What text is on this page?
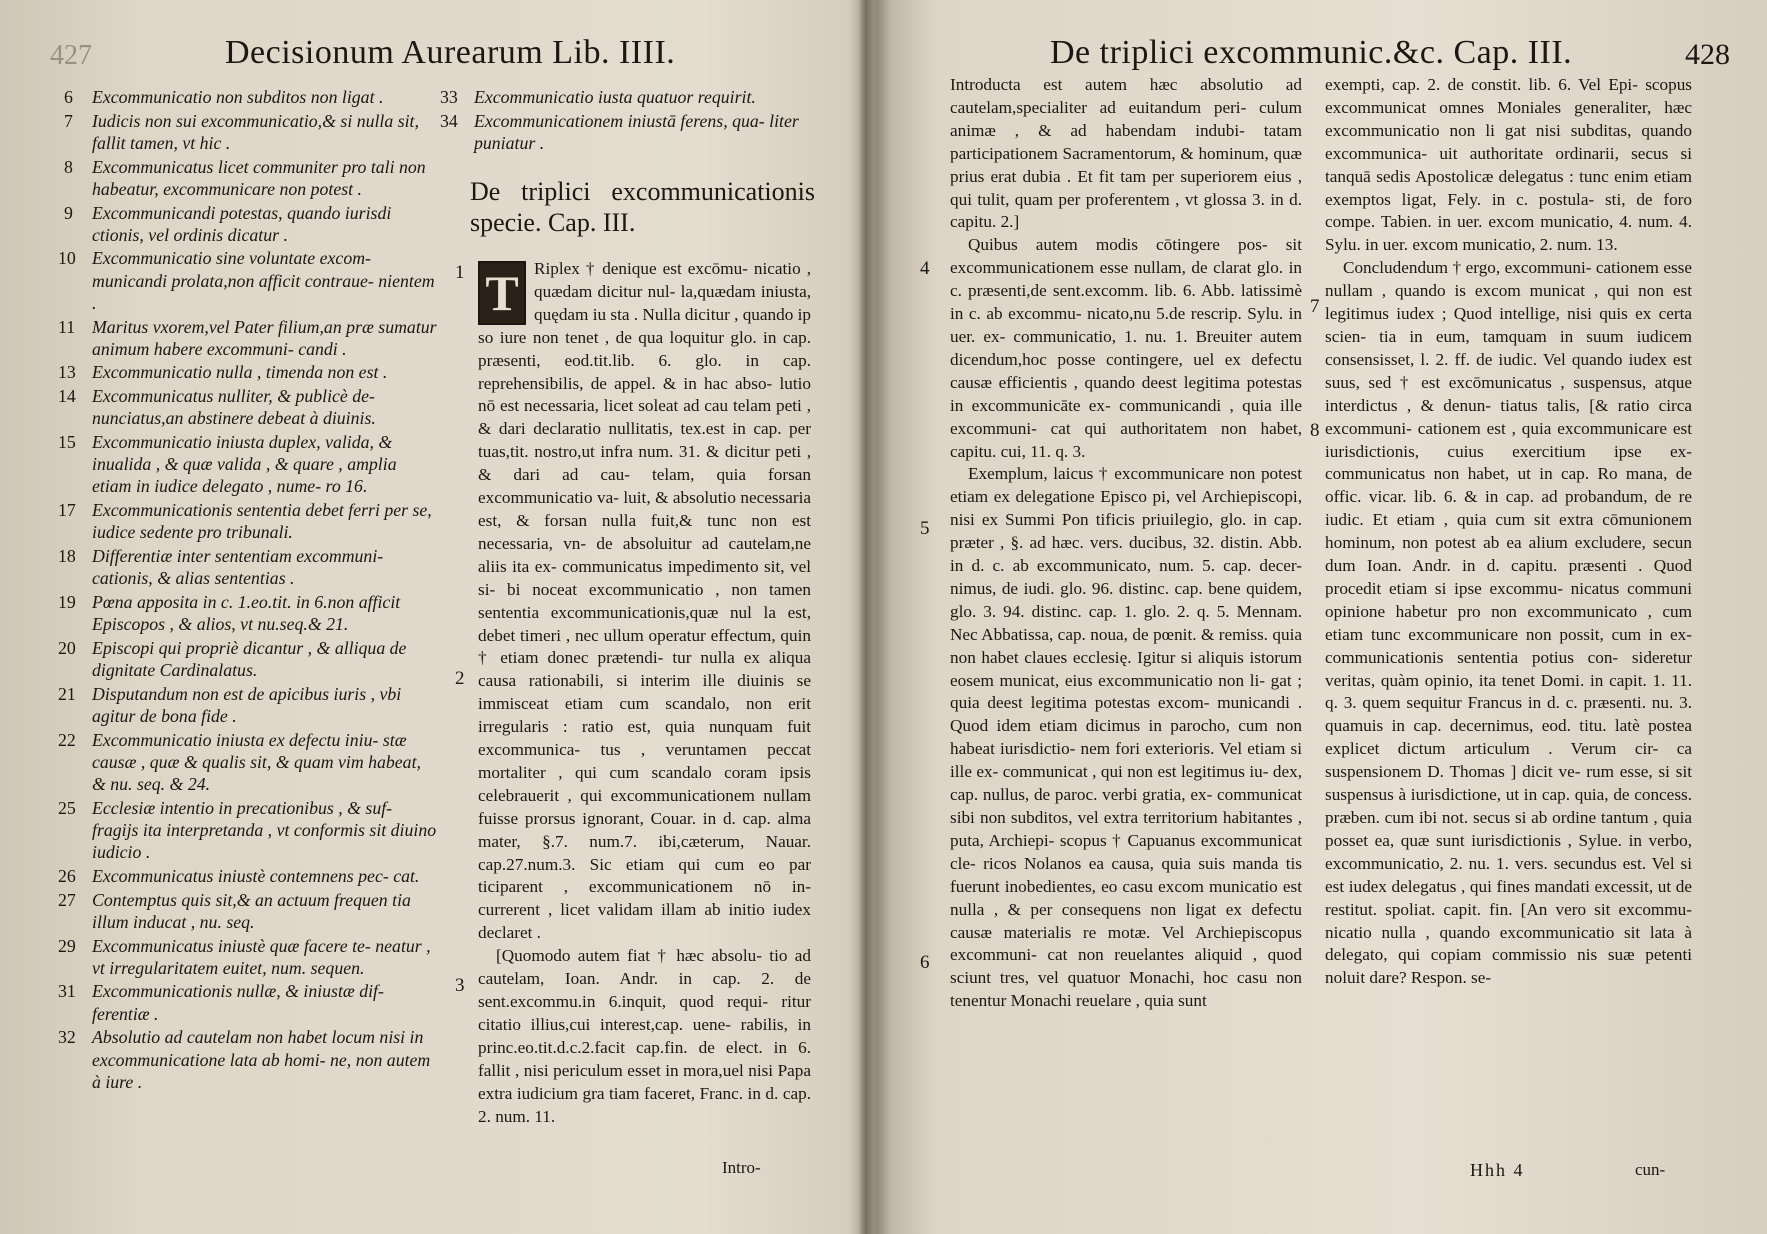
427	Decisionum Aurearum Lib. IIII.
6	Excommunicatio non subditos non ligat .
7	Iudicis non sui excommunicatio,& si nulla sit, fallit tamen, vt hic .
8	Excommunicatus licet communiter pro tali non habeatur, excommunicare non potest .
9	Excommunicandi potestas, quando iurisdi ctionis, vel ordinis dicatur .
10 Excommunicatio sine voluntate excom- municandi prolata,non afficit contraue- nientem .
11 Maritus vxorem,vel Pater filium,an præ sumatur animum habere excommuni- candi .
13 Excommunicatio nulla , timenda non est .
14 Excommunicatus nulliter, & publicè de- nunciatus,an abstinere debeat à diuinis.
15 Excommunicatio iniusta duplex, valida, & inualida , & quæ valida , & quare , amplia etiam in iudice delegato , nume- ro 16.
17 Excommunicationis sententia debet ferri per se, iudice sedente pro tribunali.
18 Differentiæ inter sententiam excommuni- cationis, & alias sententias .
19 Pœna apposita in c. 1.eo.tit. in 6.non afficit Episcopos , & alios, vt nu.seq.& 21.
20 Episcopi qui propriè dicantur , & alliqua de dignitate Cardinalatus.
21 Disputandum non est de apicibus iuris , vbi agitur de bona fide .
22 Excommunicatio iniusta ex defectu iniu- stæ causæ , quæ & qualis sit, & quam vim habeat, & nu. seq. & 24.
25 Ecclesiæ intentio in precationibus , & suf- fragijs ita interpretanda , vt conformis sit diuino iudicio .
26 Excommunicatus iniustè contemnens pec- cat.
27 Contemptus quis sit,& an actuum frequen tia illum inducat , nu. seq.
29 Excommunicatus iniustè quæ facere te- neatur , vt irregularitatem euitet, num. sequen.
31 Excommunicationis nullæ, & iniustæ dif- ferentiæ .
32 Absolutio ad cautelam non habet locum nisi in excommunicatione lata ab homi- ne, non autem à iure .
33 Excommunicatio iusta quatuor requirit.
34 Excommunicationem iniustā ferens, qua- liter puniatur .
De triplici excommunicationis specie. Cap. III.
1
2
3

T Riplex † denique est excōmu- nicatio , quædam dicitur nul- la,quædam iniusta, quędam iu sta . Nulla dicitur , quando ip so iure non tenet , de qua loquitur glo. in cap. præsenti, eod.tit.lib. 6. glo. in cap. reprehensibilis, de appel. & in hac abso- lutio nō est necessaria, licet soleat ad cau telam peti , & dari declaratio nullitatis, tex.est in cap. per tuas,tit. nostro,ut infra num. 31. & dicitur peti , & dari ad cau- telam, quia forsan excommunicatio va- luit, & absolutio necessaria est, & forsan nulla fuit,& tunc non est necessaria, vn- de absoluitur ad cautelam,ne aliis ita ex- communicatus impedimento sit, vel si- bi noceat excommunicatio , non tamen sententia excommunicationis,quæ nul la est, debet timeri , nec ullum operatur effectum, quin † etiam donec prætendi- tur nulla ex aliqua causa rationabili, si interim ille diuinis se immisceat etiam cum scandalo, non erit irregularis : ratio est, quia nunquam fuit excommunica- tus , veruntamen peccat mortaliter , qui cum scandalo coram ipsis celebrauerit , qui excommunicationem nullam fuisse prorsus ignorant, Couar. in d. cap. alma mater, §.7. num.7. ibi,cæterum, Nauar. cap.27.num.3. Sic etiam qui cum eo par ticiparent , excommunicationem nō in- currerent , licet validam illam ab initio iudex declaret .

[Quomodo autem fiat † hæc absolu- tio ad cautelam, Ioan. Andr. in cap. 2. de sent.excommu.in 6.inquit, quod requi- ritur citatio illius,cui interest,cap. uene- rabilis, in princ.eo.tit.d.c.2.facit cap.fin. de elect. in 6. fallit , nisi periculum esset in mora,uel nisi Papa extra iudicium gra tiam faceret, Franc. in d. cap. 2. num. 11.

Intro-
De triplici excommunic.&c. Cap. III.	428
4
5
6
7
8

Introducta est autem hæc absolutio ad cautelam,specialiter ad euitandum peri- culum animæ , & ad habendam indubi- tatam participationem Sacramentorum, & hominum, quæ prius erat dubia . Et fit tam per superiorem eius , qui tulit, quam per proferentem , vt glossa 3. in d. capitu. 2.]

Quibus autem modis cōtingere pos- sit excommunicationem esse nullam, de clarat glo. in c. præsenti,de sent.excomm. lib. 6. Abb. latissimè in c. ab excommu- nicato,nu 5.de rescrip. Sylu. in uer. ex- communicatio, 1. nu. 1. Breuiter autem dicendum,hoc posse contingere, uel ex defectu causæ efficientis , quando deest legitima potestas in excommunicāte ex- communicandi , quia ille excommuni- cat qui authoritatem non habet, capitu. cui, 11. q. 3.

Exemplum, laicus † excommunicare non potest etiam ex delegatione Episco pi, vel Archiepiscopi, nisi ex Summi Pon tificis priuilegio, glo. in cap. præter , §. ad hæc. vers. ducibus, 32. distin. Abb. in d. c. ab excommunicato, num. 5. cap. decer- nimus, de iudi. glo. 96. distinc. cap. bene quidem, glo. 3. 94. distinc. cap. 1. glo. 2. q. 5. Mennam. Nec Abbatissa, cap. noua, de pœnit. & remiss. quia non habet claues ecclesię. Igitur si aliquis istorum eosem municat, eius excommunicatio non li- gat ; quia deest legitima potestas excom- municandi . Quod idem etiam dicimus in parocho, cum non habeat iurisdictio- nem fori exterioris. Vel etiam si ille ex- communicat , qui non est legitimus iu- dex, cap. nullus, de paroc. verbi gratia, ex- communicat sibi non subditos, vel extra territorium habitantes , puta, Archiepi- scopus † Capuanus excommunicat cle- ricos Nolanos ea causa, quia suis manda tis fuerunt inobedientes, eo casu excom municatio est nulla , & per consequens non ligat ex defectu causæ materialis re motæ. Vel Archiepiscopus excommuni- cat non reuelantes aliquid , quod sciunt tres, vel quatuor Monachi, hoc casu non tenentur Monachi reuelare , quia sunt

exempti, cap. 2. de constit. lib. 6. Vel Epi- scopus excommunicat omnes Moniales generaliter, hæc excommunicatio non li gat nisi subditas, quando excommunica- uit authoritate ordinarii, secus si tanquā sedis Apostolicæ delegatus : tunc enim etiam exemptos ligat, Fely. in c. postula- sti, de foro compe. Tabien. in uer. excom municatio, 4. num. 4. Sylu. in uer. excom municatio, 2. num. 13.

Concludendum † ergo, excommuni- cationem esse nullam , quando is excom municat , qui non est legitimus iudex ; Quod intellige, nisi quis ex certa scien- tia in eum, tamquam in suum iudicem consensisset, l. 2. ff. de iudic. Vel quando iudex est suus, sed † est excōmunicatus , suspensus, atque interdictus , & denun- tiatus talis, [& ratio circa excommuni- cationem est , quia excommunicare est iurisdictionis, cuius exercitium ipse ex- communicatus non habet, ut in cap. Ro mana, de offic. vicar. lib. 6. & in cap. ad probandum, de re iudic. Et etiam , quia cum sit extra cōmunionem hominum, non potest ab ea alium excludere, secun dum Ioan. Andr. in d. capitu. præsenti . Quod procedit etiam si ipse excommu- nicatus communi opinione habetur pro non excommunicato , cum etiam tunc excommunicare non possit, cum in ex- communicationis sententia potius con- sideretur veritas, quàm opinio, ita tenet Domi. in capit. 1. 11. q. 3. quem sequitur Francus in d. c. præsenti. nu. 3. quamuis in cap. decernimus, eod. titu. latè postea explicet dictum articulum . Verum cir- ca suspensionem D. Thomas ] dicit ve- rum esse, si sit suspensus à iurisdictione, ut in cap. quia, de concess. præben. cum ibi not. secus si ab ordine tantum , quia posset ea, quæ sunt iurisdictionis , Sylue. in verbo, excommunicatio, 2. nu. 1. vers. secundus est. Vel si est iudex delegatus , qui fines mandati excessit, ut de restitut. spoliat. capit. fin. [An vero sit excommu- nicatio nulla , quando excommunicatio sit lata à delegato, qui copiam commissio nis suæ petenti noluit dare? Respon. se-

Hhh 4	cun-
